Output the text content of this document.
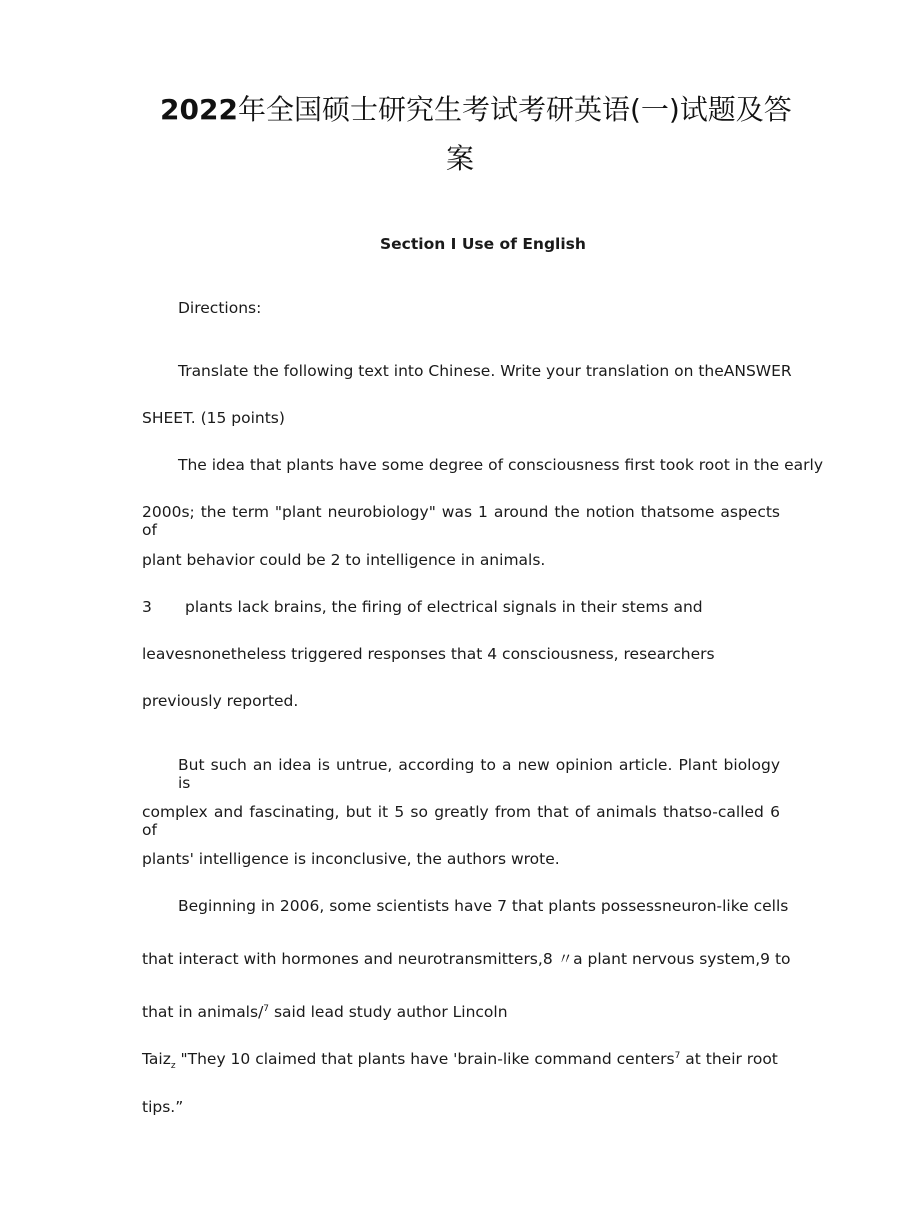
2022年全国硕士研究生考试考研英语(一)试题及答
案
Section I Use of English
Directions:
Translate the following text into Chinese. Write your translation on theANSWER
SHEET. (15 points)
The idea that plants have some degree of consciousness first took root in the early
2000s; the term "plant neurobiology" was 1 around the notion thatsome aspects of
plant behavior could be 2 to intelligence in animals.
3 plants lack brains, the firing of electrical signals in their stems and
leavesnonetheless triggered responses that 4 consciousness, researchers
previously reported.
But such an idea is untrue, according to a new opinion article. Plant biology is
complex and fascinating, but it 5 so greatly from that of animals thatso-called 6 of
plants' intelligence is inconclusive, the authors wrote.
Beginning in 2006, some scientists have 7 that plants possessneuron-like cells
that interact with hormones and neurotransmitters,8 〃a plant nervous system,9 to
that in animals/$^7$ said lead study author Lincoln
Taiz$_z$ "They 10 claimed that plants have 'brain-like command centers$^7$ at their root
tips.”
